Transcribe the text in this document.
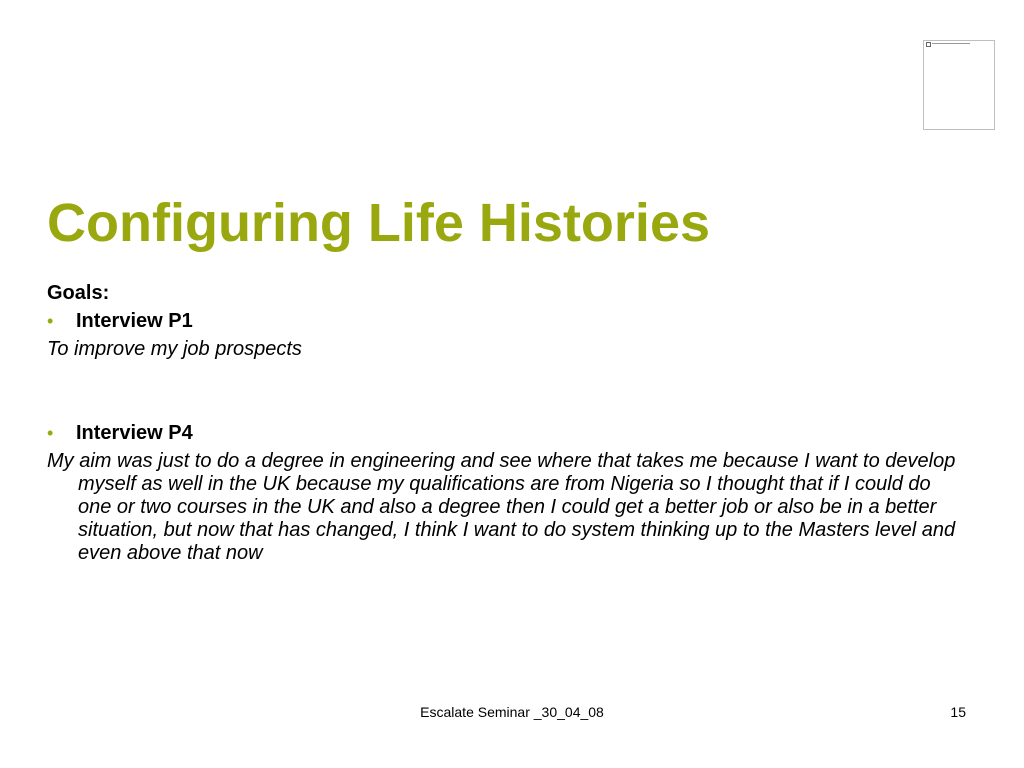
Configuring Life Histories
Goals:
•	Interview P1
To improve my job prospects
•	Interview P4
My aim was just to do a degree in engineering and see where that takes me because I want to develop myself as well in the UK because my qualifications are from Nigeria so I thought that if I could do one or two courses in the UK and also a degree then I could get a better job or also be in a better situation, but now that has changed, I think I want to do system thinking up to the Masters level and even above that now
Escalate Seminar _30_04_08	15
